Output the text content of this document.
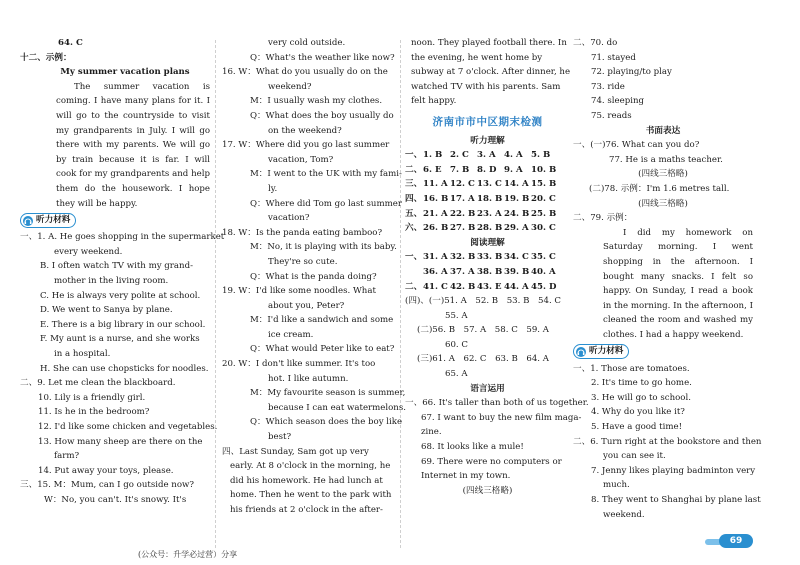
64. C
十二、示例：
My summer vacation plans
The summer vacation is coming. I have many plans for it. I will go to the countryside to visit my grandparents in July. I will go there with my parents. We will go by train because it is far. I will cook for my grandparents and help them do the housework. I hope they will be happy.
听力材料
一、1. A. He goes shopping in the supermarket
every weekend.
B. I often watch TV with my grand-
mother in the living room.
C. He is always very polite at school.
D. We went to Sanya by plane.
E. There is a big library in our school.
F. My aunt is a nurse, and she works
in a hospital.
H. She can use chopsticks for noodles.
二、9. Let me clean the blackboard.
10. Lily is a friendly girl.
11. Is he in the bedroom?
12. I'd like some chicken and vegetables.
13. How many sheep are there on the
farm?
14. Put away your toys, please.
三、15. M：Mum, can I go outside now?
W：No, you can't. It's snowy. It's
very cold outside.
Q：What's the weather like now?
16. W：What do you usually do on the
weekend?
M：I usually wash my clothes.
Q：What does the boy usually do
on the weekend?
17. W：Where did you go last summer
vacation, Tom?
M：I went to the UK with my fami-
ly.
Q：Where did Tom go last summer
vacation?
18. W：Is the panda eating bamboo?
M：No, it is playing with its baby.
They're so cute.
Q：What is the panda doing?
19. W：I'd like some noodles. What
about you, Peter?
M：I'd like a sandwich and some
ice cream.
Q：What would Peter like to eat?
20. W：I don't like summer. It's too
hot. I like autumn.
M：My favourite season is summer,
because I can eat watermelons.
Q：Which season does the boy like
best?
四、Last Sunday, Sam got up very
early. At 8 o'clock in the morning, he
did his homework. He had lunch at
home. Then he went to the park with
his friends at 2 o'clock in the after-
noon. They played football there. In
the evening, he went home by
subway at 7 o'clock. After dinner, he
watched TV with his parents. Sam
felt happy.
济南市市中区期末检测
听力理解
一、 1. B 2. C 3. A 4. A 5. B
二、 6. E 7. B 8. D 9. A 10. B
三、 11. A 12. C 13. C 14. A 15. B
四、 16. B 17. A 18. B 19. B 20. C
五、 21. A 22. B 23. A 24. B 25. B
六、 26. B 27. B 28. B 29. A 30. C
阅读理解
一、 31. A 32. B 33. B 34. C 35. C
36. A 37. A 38. B 39. B 40. A
二、 41. C 42. B 43. E 44. A 45. D
(四)、(一)51. A　52. B　53. B　54. C
55. A
(二)56. B　57. A　58. C　59. A
60. C
(三)61. A　62. C　63. B　64. A
65. A
语言运用
一、66. It's taller than both of us together.
67. I want to buy the new film maga-
zine.
68. It looks like a mule!
69. There were no computers or
Internet in my town.
(四线三格略)
二、70. do
71. stayed
72. playing/to play
73. ride
74. sleeping
75. reads
书面表达
一、(一)76. What can you do?
77. He is a maths teacher.
(四线三格略)
(二)78. 示例：I'm 1.6 metres tall.
(四线三格略)
二、79. 示例：
I did my homework on Saturday morning. I went shopping in the afternoon. I bought many snacks. I felt so happy. On Sunday, I read a book in the morning. In the afternoon, I cleaned the room and washed my clothes. I had a happy weekend.
听力材料
一、1. Those are tomatoes.
2. It's time to go home.
3. He will go to school.
4. Why do you like it?
5. Have a good time!
二、6. Turn right at the bookstore and then
you can see it.
7. Jenny likes playing badminton very
much.
8. They went to Shanghai by plane last
weekend.
(公众号：升学必过营）分享
69
